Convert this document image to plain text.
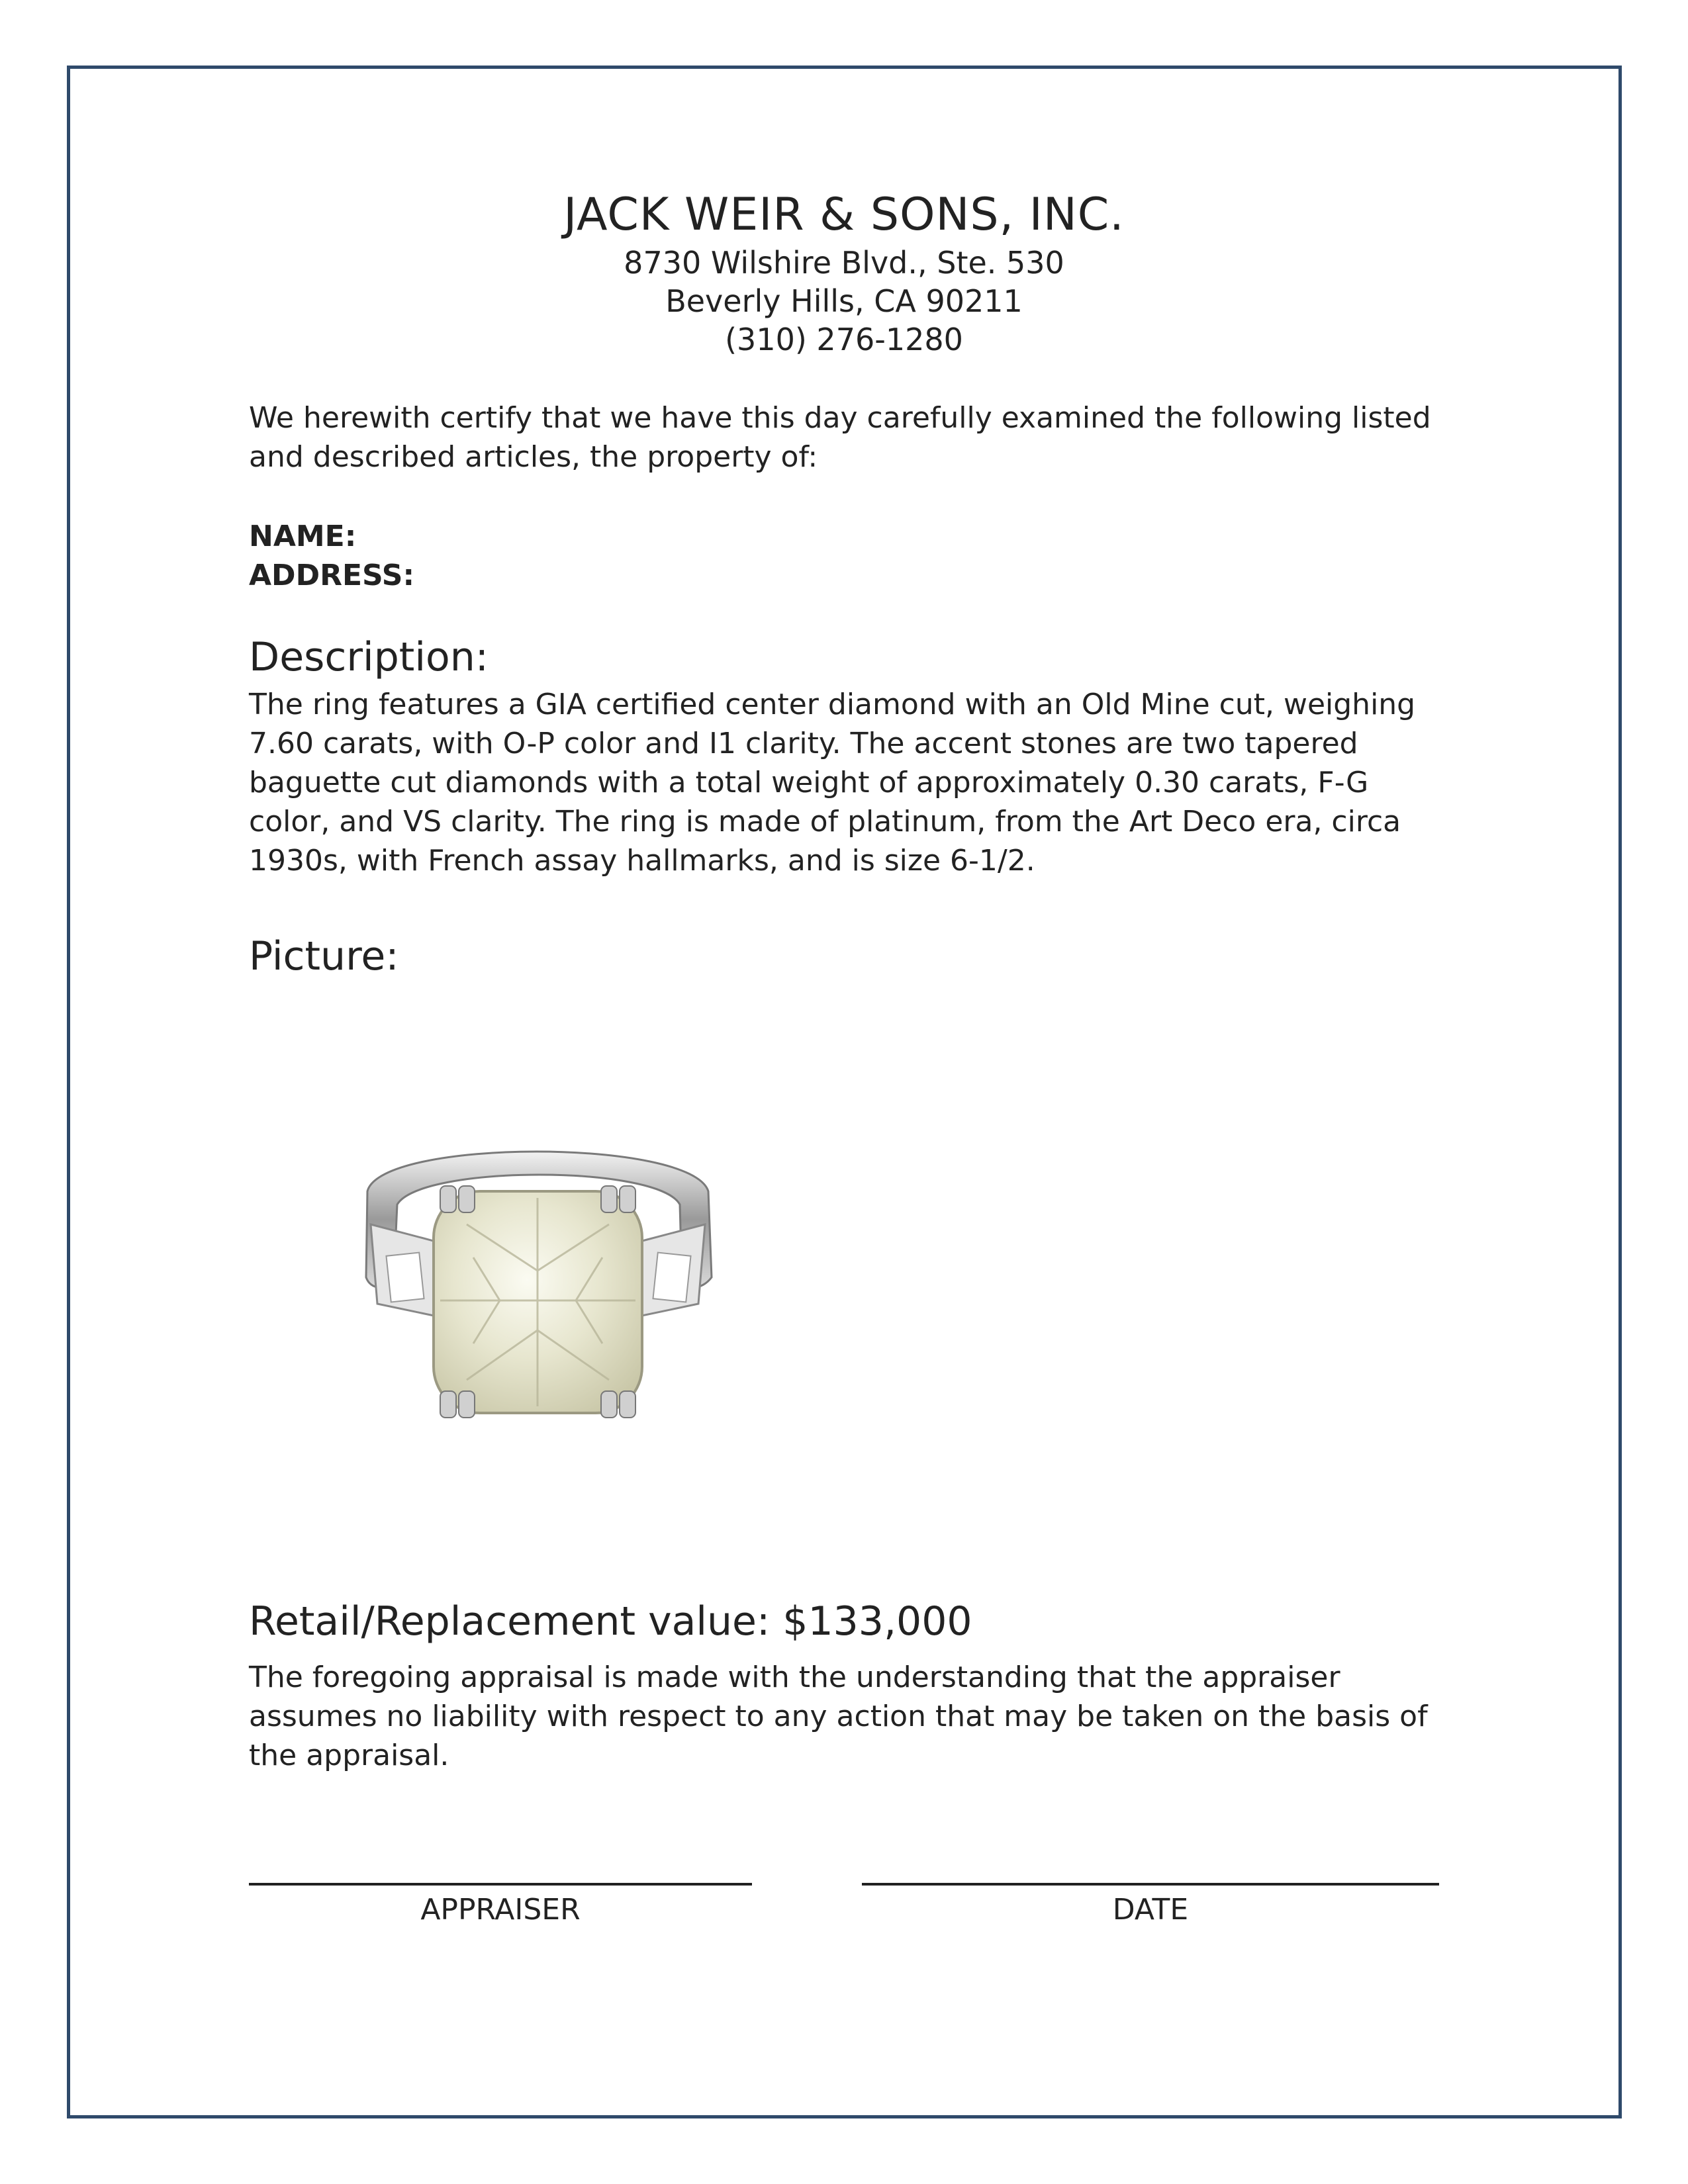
JACK WEIR & SONS, INC.
8730 Wilshire Blvd., Ste. 530
Beverly Hills, CA 90211
(310) 276-1280
We herewith certify that we have this day carefully examined the following listed and described articles, the property of:
NAME:
ADDRESS:
Description:
The ring features a GIA certified center diamond with an Old Mine cut, weighing 7.60 carats, with O-P color and I1 clarity. The accent stones are two tapered baguette cut diamonds with a total weight of approximately 0.30 carats, F-G color, and VS clarity. The ring is made of platinum, from the Art Deco era, circa 1930s, with French assay hallmarks, and is size 6-1/2.
Picture:
Retail/Replacement value: $133,000
The foregoing appraisal is made with the understanding that the appraiser assumes no liability with respect to any action that may be taken on the basis of the appraisal.
APPRAISER	DATE
